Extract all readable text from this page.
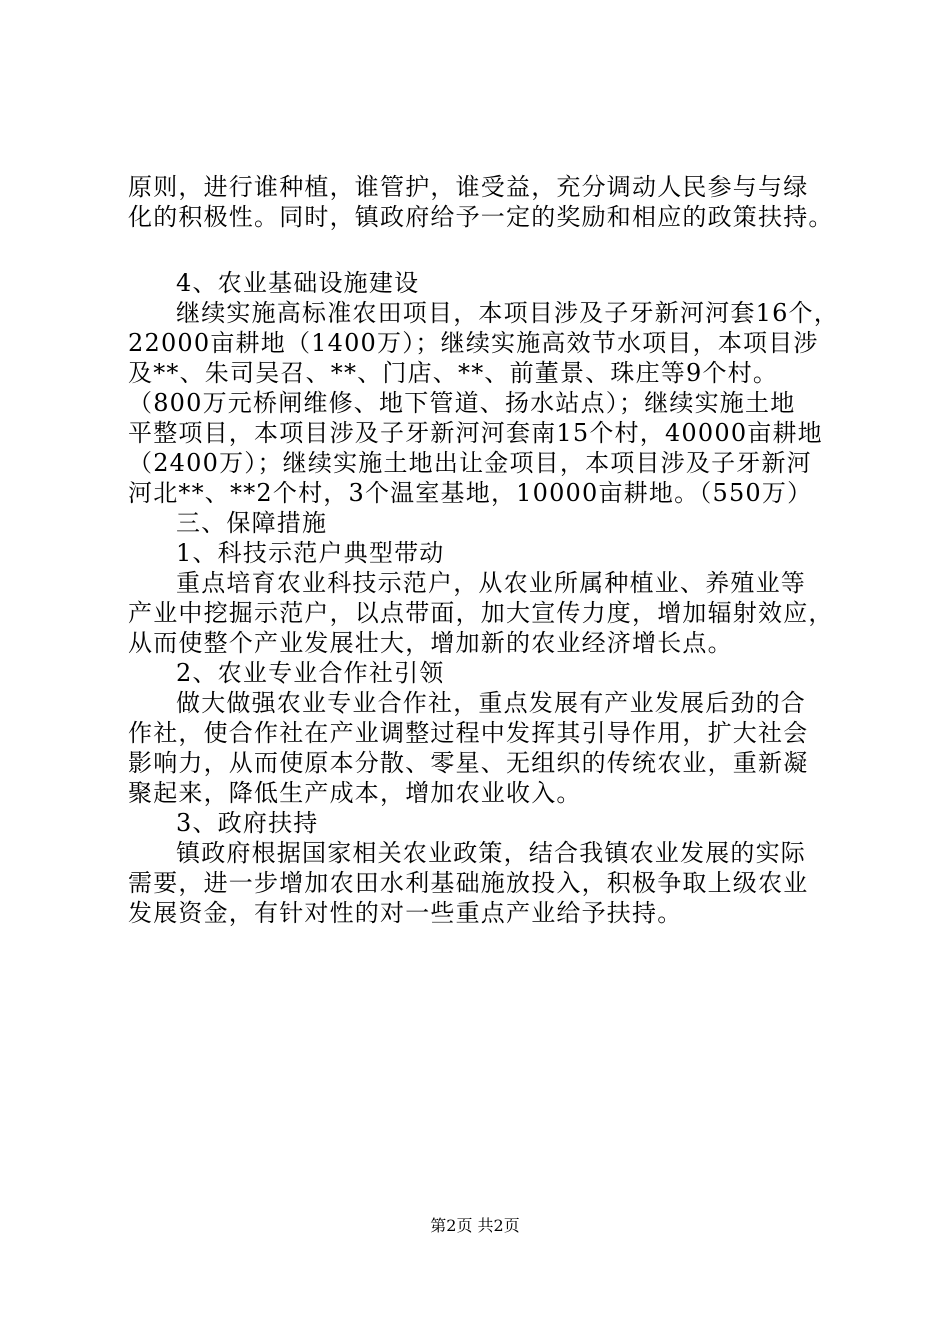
原则，进行谁种植，谁管护，谁受益，充分调动人民参与与绿
化的积极性。同时，镇政府给予一定的奖励和相应的政策扶持。
4、农业基础设施建设
继续实施高标准农田项目，本项目涉及子牙新河河套16个，
22000亩耕地（1400万）；继续实施高效节水项目，本项目涉
及**、朱司吴召、**、门店、**、前董景、珠庄等9个村。
（800万元桥闸维修、地下管道、扬水站点）；继续实施土地
平整项目，本项目涉及子牙新河河套南15个村，40000亩耕地
（2400万）；继续实施土地出让金项目，本项目涉及子牙新河
河北**、**2个村，3个温室基地，10000亩耕地。（550万）
三、保障措施
1、科技示范户典型带动
重点培育农业科技示范户，从农业所属种植业、养殖业等
产业中挖掘示范户，以点带面，加大宣传力度，增加辐射效应，
从而使整个产业发展壮大，增加新的农业经济增长点。
2、农业专业合作社引领
做大做强农业专业合作社，重点发展有产业发展后劲的合
作社，使合作社在产业调整过程中发挥其引导作用，扩大社会
影响力，从而使原本分散、零星、无组织的传统农业，重新凝
聚起来，降低生产成本，增加农业收入。
3、政府扶持
镇政府根据国家相关农业政策，结合我镇农业发展的实际
需要，进一步增加农田水利基础施放投入，积极争取上级农业
发展资金，有针对性的对一些重点产业给予扶持。
第2页 共2页
